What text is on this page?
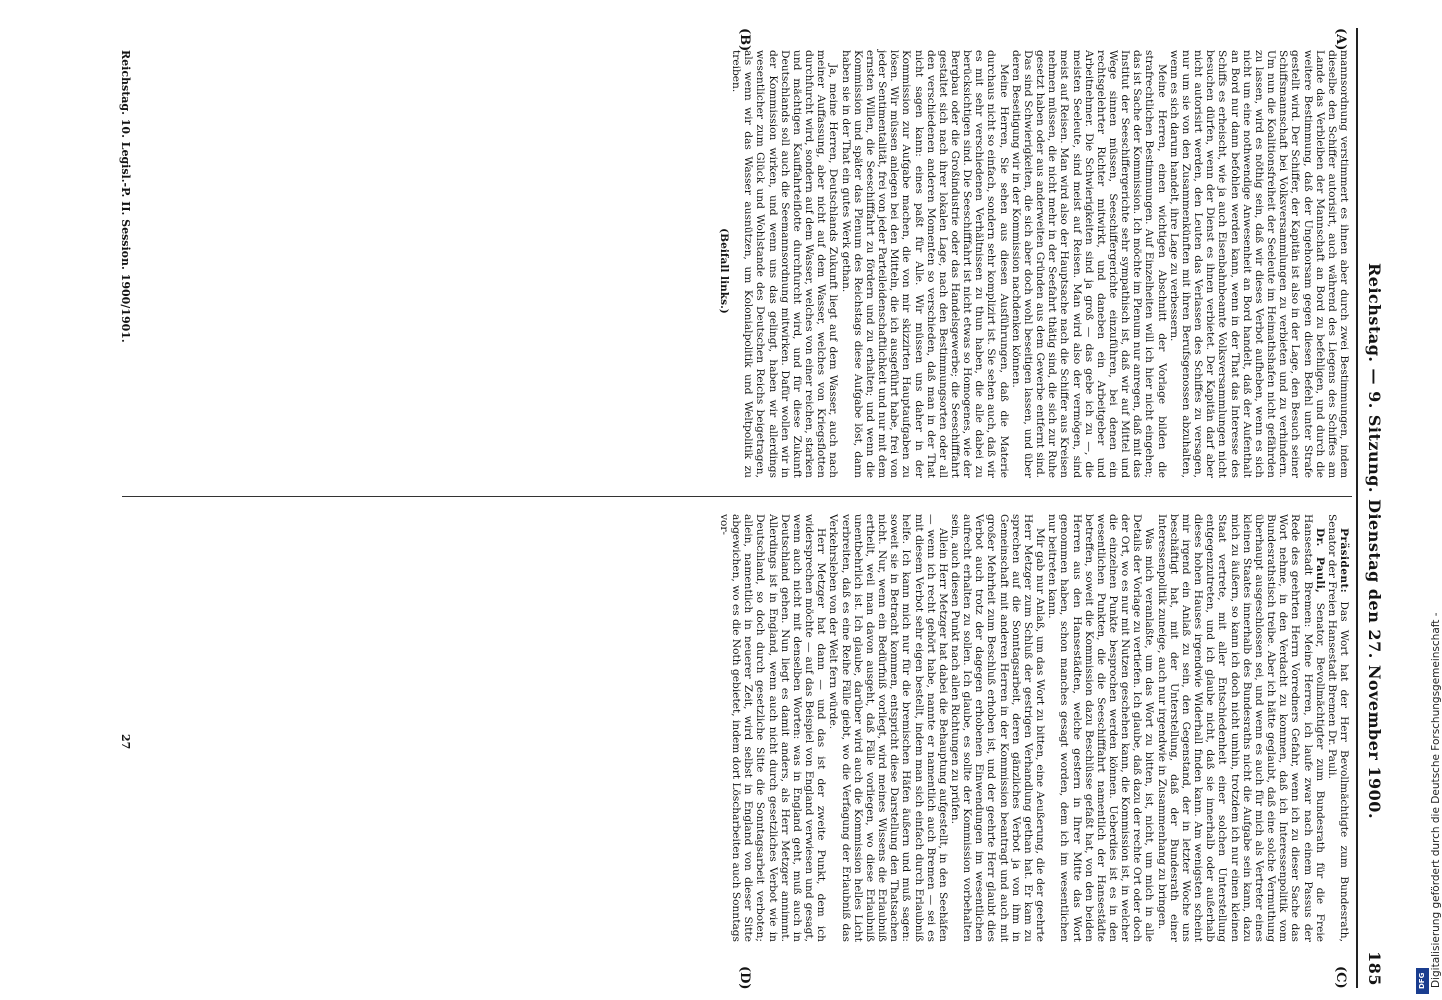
Reichstag. — 9. Sitzung. Dienstag den 27. November 1900.
185
(A)
(B)
(C)
(D)

mannsordnung verstimmert es ihnen aber durch zwei Bestimmungen, indem dieselbe den Schiffer autorisirt, auch während des Liegens des Schiffes am Lande das Verbleiben der Mannschaft an Bord zu befehligen, und durch die weitere Bestimmung, daß der Ungehorsam gegen diesen Befehl unter Strafe gestellt wird. Der Schiffer, der Kapitän ist also in der Lage, den Besuch seiner Schiffsmannschaft bei Volksversammlungen zu verbieten und zu verhindern. Um nun die Koalitionsfreiheit der Seeleute im Heimathshafen nicht gefährden zu lassen, wird es nöthig sein, daß wir dieses Verbot aufheben, wenn es sich nicht um eine nothwendige Anwesenheit an Bord handelt, daß der Aufenthalt an Bord nur dann befohlen werden kann, wenn in der That das Interesse des Schiffs es erheischt, wie ja auch Eisenbahnbeamte Volksversammlungen nicht besuchen dürfen, wenn der Dienst es ihnen verbietet. Der Kapitän darf aber nicht autorisirt werden, den Leuten das Verlassen des Schiffes zu versagen, nur um sie von den Zusammenkünften mit ihren Berufsgenossen abzuhalten, wenn es sich darum handelt, ihre Lage zu verbessern.

Meine Herren, einen wichtigen Abschnitt der Vorlage bilden die strafrechtlichen Bestimmungen. Auf Einzelheiten will ich hier nicht eingehen; das ist Sache der Kommission. Ich möchte im Plenum nur anregen, daß mit das Institut der Seeschiffergerichte sehr sympathisch ist, daß wir auf Mittel und Wege sinnen müssen, Seeschiffergerichte einzuführen, bei denen ein rechtsgelehrter Richter mitwirkt, und daneben ein Arbeitgeber und Arbeitnehmer. Die Schwierigkeiten sind ja groß — das gebe ich zu —, die meisten Seeleute, sind meist auf Reisen. Man wird also der vermögen, sind meist auf Reisen. Man wird also der Hauptsache nach die Schiffer aus Kreisen nehmen müssen, die nicht mehr in der Seefahrt thätig sind, die sich zur Ruhe gesetzt haben oder aus anderweiten Gründen aus dem Gewerbe entfernt sind. Das sind Schwierigkeiten, die sich aber doch wohl beseitigen lassen, und über deren Beseitigung wir in der Kommission nachdenken können.

Meine Herren, Sie sehen aus diesen Ausführungen, daß die Materie durchaus nicht so einfach, sondern sehr komplizirt ist. Sie sehen auch, daß wir es mit sehr verschiedenen Verhältnissen zu thun haben, die alle dabei zu berücksichtigen sind. Die Seeschifffahrt ist nicht etwas so Homogenes, wie der Bergbau oder die Großindustrie oder das Handelsgewerbe; die Seeschifffahrt gestaltet sich nach ihrer lokalen Lage, nach den Bestimmungsorten oder all den verschiedenen anderen Momenten so verschieden, daß man in der That nicht sagen kann: eines paßt für Alle. Wir müssen uns daher in der Kommission zur Aufgabe machen, die von mir skizzirten Hauptaufgaben zu lösen. Wir müssen anlegen bei den Mitteln, die ich ausgeführt habe, frei von jeder Sentimentalität, frei von jeder Parteileidenschaftlichkeit und nur mit dem ernsten Willen, die Seeschifffahrt zu fördern und zu erhalten; und wenn die Kommission und später das Plenum des Reichstags diese Aufgabe löst, dann haben sie in der That ein gutes Werk gethan.

Ja, meine Herren, Deutschlands Zukunft liegt auf dem Wasser, auch nach meiner Auffassung, aber nicht auf dem Wasser, welches von Kriegsflotten durchfurcht wird, sondern auf dem Wasser, welches von einer reichen, starken und mächtigen Kauffahrteiflotte durchfurcht wird, und für diese Zukunft Deutschlands soll auch die Seemannsordnung mitwirken. Dafür wollen wir in der Kommission wirken, und wenn uns das gelingt, haben wir allerdings wesentlicher zum Glück und Wohlstande des Deutschen Reichs beigetragen, als wenn wir das Wasser ausnützen, um Kolonialpolitik und Weltpolitik zu treiben.

(Beifall links.)

Präsident: Das Wort hat der Herr Bevollmächtigte zum Bundesrath, Senator der Freien Hansestadt Bremen Dr. Pauli.

Dr. Pauli, Senator, Bevollmächtigter zum Bundesrath für die Freie Hansestadt Bremen: Meine Herren, ich laufe zwar nach einem Passus der Rede des geehrten Herrn Vorredners Gefahr, wenn ich zu dieser Sache das Wort nehme, in den Verdacht zu kommen, daß ich Interessenpolitik vom Bundesrathstisch treibe. Aber ich hätte geglaubt, daß eine solche Vermuthung überhaupt ausgeschlossen sei, und wenn es auch für mich als Vertreter eines kleinen Staates innerhalb des Bundesraths nicht die Aufgabe sein kann, dazu mich zu äußern, so kann ich doch nicht umhin, trotzdem ich nur einen kleinen Staat vertrete, mit aller Entschiedenheit einer solchen Unterstellung entgegenzutreten, und ich glaube nicht, daß sie innerhalb oder außerhalb dieses hohen Hauses irgendwie Widerhall finden kann. Am wenigsten scheint mir irgend ein Anlaß zu sein, den Gegenstand, der in letzter Woche uns beschäftigt hat, mit der Unterstellung, daß der Bundesrath einer Interessenpolitik zuneige, auch nur irgendwie in Zusammenhang zu bringen.

Was mich veranlaßte, um das Wort zu bitten, ist, nicht, um mich in alle Details der Vorlage zu vertiefen. Ich glaube, daß dazu der rechte Ort oder doch der Ort, wo es nur mit Nutzen geschehen kann, die Kommission ist, in welcher die einzelnen Punkte besprochen werden können. Ueberdies ist es in den wesentlichen Punkten, die die Seeschifffahrt namentlich der Hansestädte betreffen, soweit die Kommission dazu Beschlüsse gefaßt hat, von den beiden Herren aus den Hansestädten, welche gestern in Ihrer Mitte das Wort genommen haben, schon manches gesagt worden, dem ich im wesentlichen nur beitreten kann.

Mir gab nur Anlaß, um das Wort zu bitten, eine Aeußerung, die der geehrte Herr Metzger zum Schluß der gestrigen Verhandlung gethan hat. Er kam zu sprechen auf die Sonntagsarbeit, deren gänzliches Verbot ja von ihm in Gemeinschaft mit anderen Herren in der Kommission beantragt und auch mit großer Mehrheit zum Beschluß erhoben ist, und der geehrte Herr glaubt dies Verbot auch trotz der dagegen erhobenen Einwendungen im wesentlichen aufrecht erhalten zu sollen. Ich glaube, es sollte der Kommission vorbehalten sein, auch diesen Punkt nach allen Richtungen zu prüfen.

Allein Herr Metzger hat dabei die Behauptung aufgestellt, in den Seehäfen — wenn ich recht gehört habe, nannte er namentlich auch Bremen — sei es mit diesem Verbot sehr eigen bestellt, indem man sich einfach durch Erlaubniß helfe. Ich kann mich nur für die bremischen Häfen äußern und muß sagen: soweit sie in Betracht kommen, entspricht diese Darstellung den Thatsachen nicht. Nur, wenn ein Bedürfniß vorliegt, wird meines Wissens die Erlaubniß ertheilt, weil man davon ausgeht, daß Fälle vorliegen, wo diese Erlaubniß unentbehrlich ist. Ich glaube, darüber wird auch die Kommission helles Licht verbreiten, daß es eine Reihe Fälle giebt, wo die Verfagung der Erlaubniß das Verkehrsleben von der Welt fern würde.

Herr Metzger hat dann — und das ist der zweite Punkt, dem ich widersprechen möchte — auf das Beispiel von England verwiesen und gesagt, wenn auch nicht mit denselben Worten: was in England geht, muß auch in Deutschland gehen. Nun liegt es damit anders, als Herr Metzger annimmt. Allerdings ist in England, wenn auch nicht durch gesetzliches Verbot wie in Deutschland, so doch durch gesetzliche Sitte die Sonntagsarbeit verboten; allein, namentlich in neuerer Zeit, wird selbst in England von dieser Sitte abgewichen, wo es die Noth gebietet, indem dort Löscharbeiten auch Sonntags vor-

Reichstag. 10. Legisl.-P. II. Session. 1900/1901.
27	Digitalisierung gefördert durch die Deutsche Forschungsgemeinschaft -
DFG
